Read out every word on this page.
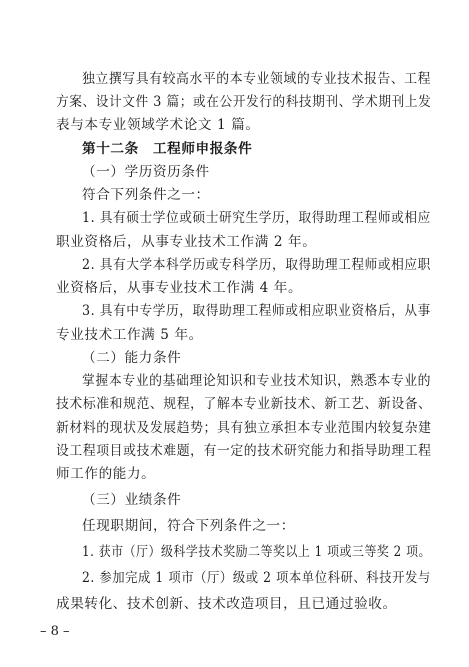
独立撰写具有较高水平的本专业领域的专业技术报告、工程
方案、设计文件 3 篇；或在公开发行的科技期刊、学术期刊上发
表与本专业领域学术论文 1 篇。
第十二条　工程师申报条件
（一）学历资历条件
符合下列条件之一：
1. 具有硕士学位或硕士研究生学历，取得助理工程师或相应
职业资格后，从事专业技术工作满 2 年。
2. 具有大学本科学历或专科学历，取得助理工程师或相应职
业资格后，从事专业技术工作满 4 年。
3. 具有中专学历，取得助理工程师或相应职业资格后，从事
专业技术工作满 5 年。
（二）能力条件
掌握本专业的基础理论知识和专业技术知识，熟悉本专业的
技术标准和规范、规程，了解本专业新技术、新工艺、新设备、
新材料的现状及发展趋势；具有独立承担本专业范围内较复杂建
设工程项目或技术难题，有一定的技术研究能力和指导助理工程
师工作的能力。
（三）业绩条件
任现职期间，符合下列条件之一：
1. 获市（厅）级科学技术奖励二等奖以上 1 项或三等奖 2 项。
2. 参加完成 1 项市（厅）级或 2 项本单位科研、科技开发与
成果转化、技术创新、技术改造项目，且已通过验收。
– 8 –
